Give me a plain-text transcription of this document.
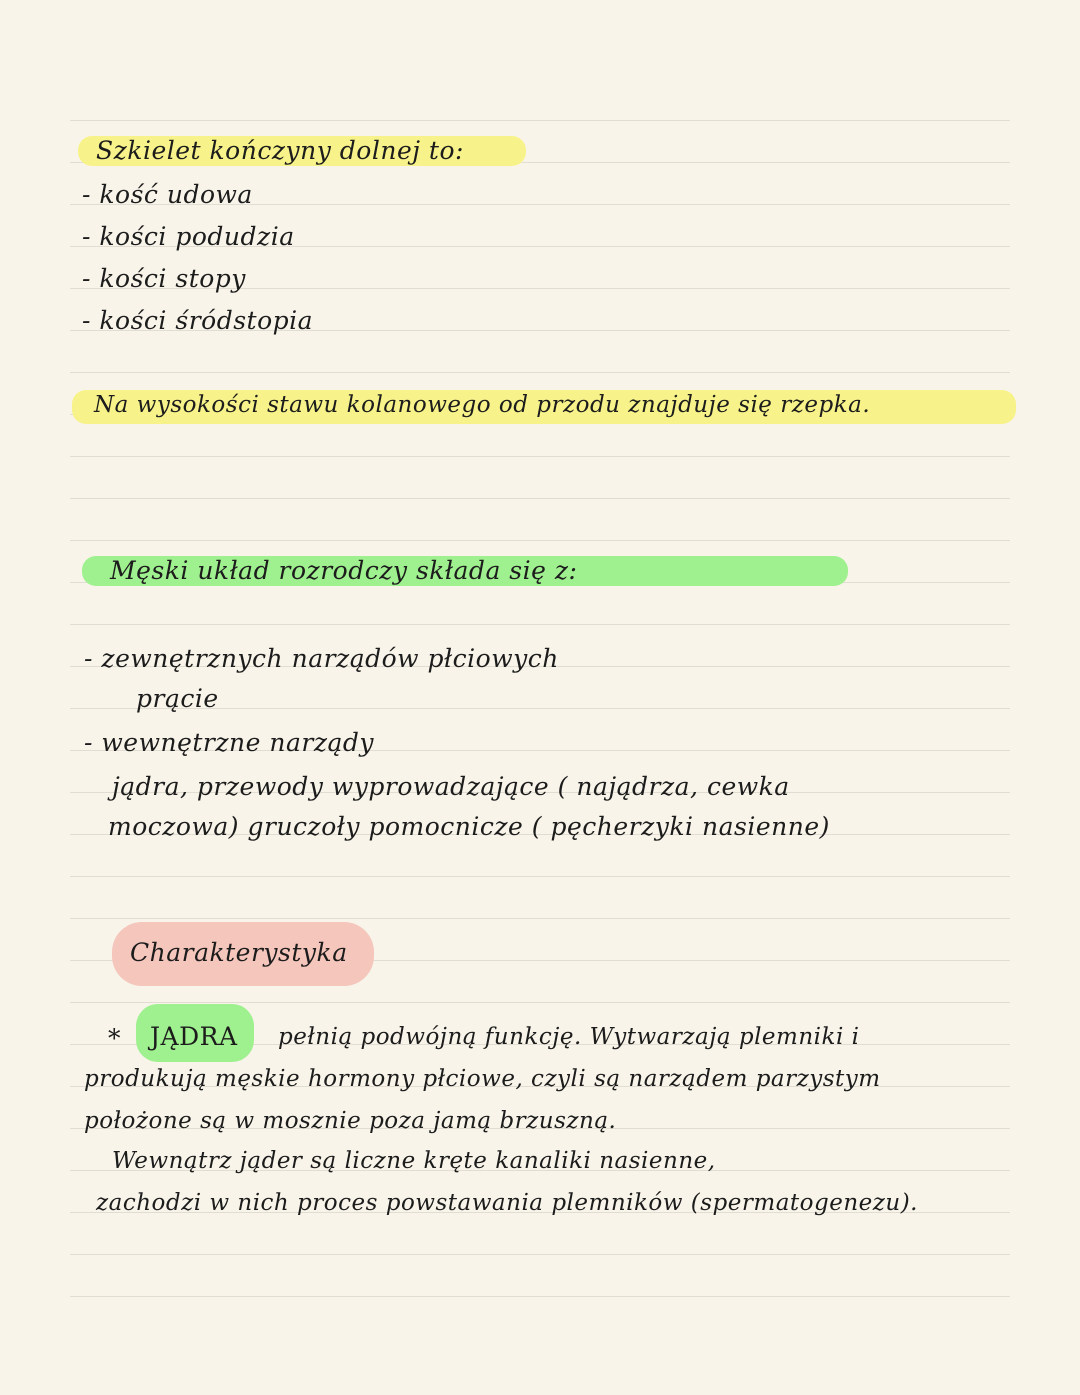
Szkielet kończyny dolnej to:
- kość udowa
- kości podudzia
- kości stopy
- kości śródstopia
Na wysokości stawu kolanowego od przodu znajduje się rzepka.
Męski układ rozrodczy składa się z:
- zewnętrznych narządów płciowych
prącie
- wewnętrzne narządy
jądra, przewody wyprowadzające ( najądrza, cewka
moczowa) gruczoły pomocnicze ( pęcherzyki nasienne)
Charakterystyka
* JĄDRA pełnią podwójną funkcję. Wytwarzają plemniki i
produkują męskie hormony płciowe, czyli są narządem parzystym
położone są w mosznie poza jamą brzuszną.
Wewnątrz jąder są liczne kręte kanaliki nasienne,
zachodzi w nich proces powstawania plemników (spermatogenezu).
